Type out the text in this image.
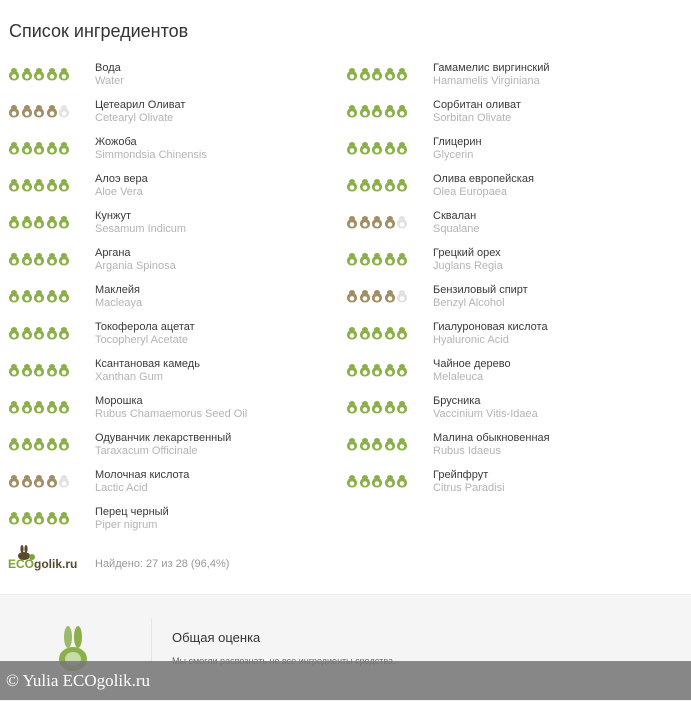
Список ингредиентов
Вода
Water
Цетеарил Оливат
Cetearyl Olivate
Жожоба
Simmondsia Chinensis
Алоэ вера
Aloe Vera
Кунжут
Sesamum Indicum
Аргана
Argania Spinosa
Маклейя
Macleaya
Токоферола ацетат
Tocopheryl Acetate
Ксантановая камедь
Xanthan Gum
Морошка
Rubus Chamaemorus Seed Oil
Одуванчик лекарственный
Taraxacum Officinale
Молочная кислота
Lactic Acid
Перец черный
Piper nigrum
Гамамелис виргинский
Hamamelis Virginiana
Сорбитан оливат
Sorbitan Olivate
Глицерин
Glycerin
Олива европейская
Olea Europaea
Сквалан
Squalane
Грецкий орех
Juglans Regia
Бензиловый спирт
Benzyl Alcohol
Гиалуроновая кислота
Hyaluronic Acid
Чайное дерево
Melaleuca
Брусника
Vaccinium Vitis-Idaea
Малина обыкновенная
Rubus Idaeus
Грейпфрут
Citrus Paradisi
ECOgolik.ru Найдено: 27 из 28 (96,4%)
Общая оценка
© Yulia ECOgolik.ru
